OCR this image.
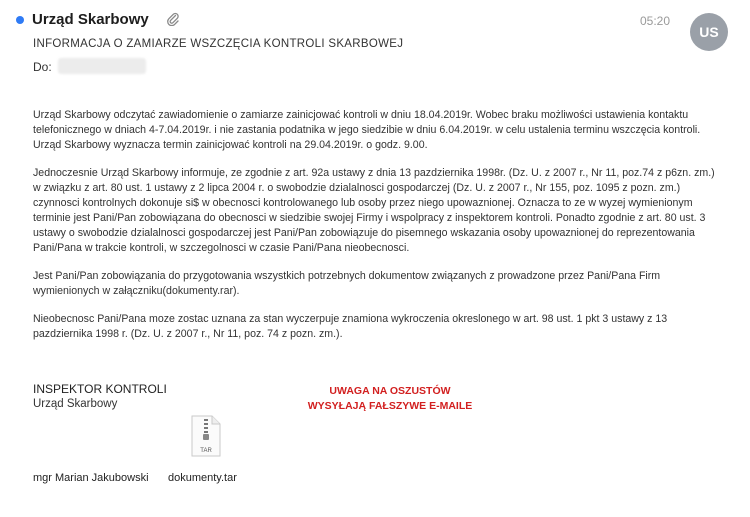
Urząd Skarbowy
INFORMACJA O ZAMIARZE WSZCZĘCIA KONTROLI SKARBOWEJ
Do:
05:20
US

Urząd Skarbowy odczytać zawiadomienie o zamiarze zainicjować kontroli w dniu 18.04.2019r. Wobec braku możliwości ustawienia kontaktu telefonicznego w dniach 4-7.04.2019r. i nie zastania podatnika w jego siedzibie w dniu 6.04.2019r. w celu ustalenia terminu wszczęcia kontroli. Urząd Skarbowy wyznacza termin zainicjować kontroli na 29.04.2019r. o godz. 9.00.

Jednoczesnie Urząd Skarbowy informuje, ze zgodnie z art. 92a ustawy z dnia 13 pazdziernika 1998r. (Dz. U. z 2007 r., Nr 11, poz.74 z p6zn. zm.) w związku z art. 80 ust. 1 ustawy z 2 lipca 2004 r. o swobodzie dzialalnosci gospodarczej (Dz. U. z 2007 r., Nr 155, poz. 1095 z pozn. zm.) czynnosci kontrolnych dokonuje si$ w obecnosci kontrolowanego lub osoby przez niego upowaznionej. Oznacza to ze w wyzej wymienionym terminie jest Pani/Pan zobowiązana do obecnosci w siedzibie swojej Firmy i wspolpracy z inspektorem kontroli. Ponadto zgodnie z art. 80 ust. 3 ustawy o swobodzie dzialalnosci gospodarczej jest Pani/Pan zobowiązuje do pisemnego wskazania osoby upowaznionej do reprezentowania Pani/Pana w trakcie kontroli, w szczegolnosci w czasie Pani/Pana nieobecnosci.

Jest Pani/Pan zobowiązania do przygotowania wszystkich potrzebnych dokumentow związanych z prowadzone przez Pani/Pana Firm wymienionych w załączniku(dokumenty.rar).

Nieobecnosc Pani/Pana moze zostac uznana za stan wyczerpuje znamiona wykroczenia okreslonego w art. 98 ust. 1 pkt 3 ustawy z 13 pazdziernika 1998 r. (Dz. U. z 2007 r., Nr 11, poz. 74 z pozn. zm.).

INSPEKTOR KONTROLI
Urząd Skarbowy
UWAGA NA OSZUSTÓW
WYSYŁAJĄ FAŁSZYWE E-MAILE
TAR
mgr Marian Jakubowski dokumenty.tar
